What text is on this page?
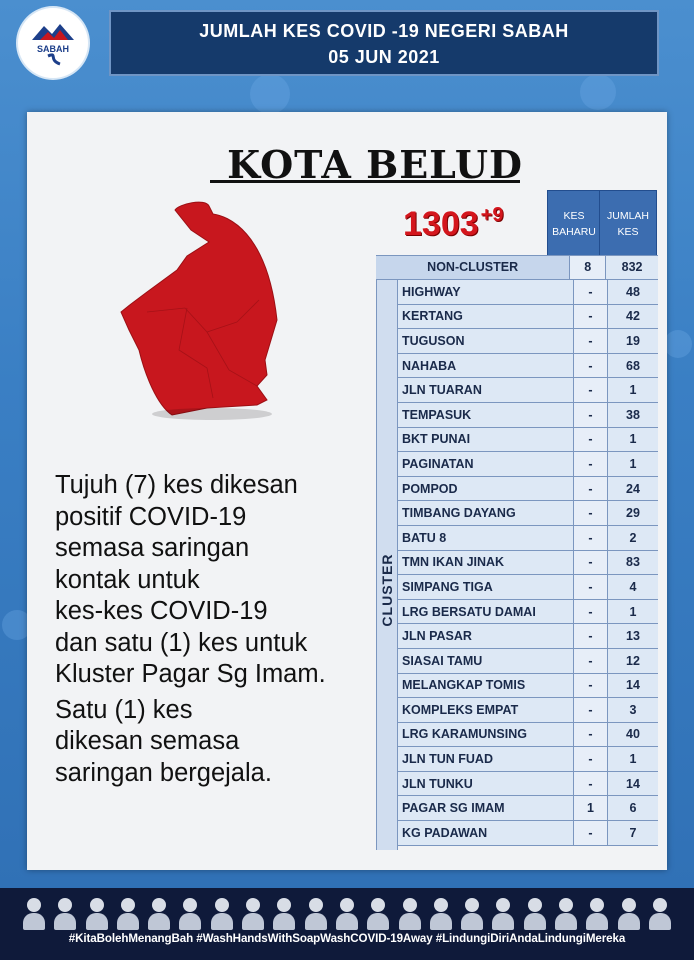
SABAH
JUMLAH KES COVID -19 NEGERI SABAH
05 JUN 2021
KOTA BELUD
1303 $^{+9}$
Tujuh (7) kes dikesan
positif COVID-19
semasa saringan
kontak untuk
kes-kes COVID-19
dan satu (1) kes untuk
Kluster Pagar Sg Imam.
Satu (1) kes
dikesan semasa
saringan bergejala.
KES BAHARU
JUMLAH KES
NON-CLUSTER	8	832
CLUSTER
HIGHWAY	-	48
KERTANG	-	42
TUGUSON	-	19
NAHABA	-	68
JLN TUARAN	-	1
TEMPASUK	-	38
BKT PUNAI	-	1
PAGINATAN	-	1
POMPOD	-	24
TIMBANG DAYANG	-	29
BATU 8	-	2
TMN IKAN JINAK	-	83
SIMPANG TIGA	-	4
LRG BERSATU DAMAI	-	1
JLN PASAR	-	13
SIASAI TAMU	-	12
MELANGKAP TOMIS	-	14
KOMPLEKS EMPAT	-	3
LRG KARAMUNSING	-	40
JLN TUN FUAD	-	1
JLN TUNKU	-	14
PAGAR SG IMAM	1	6
KG PADAWAN	-	7
#KitaBolehMenangBah #WashHandsWithSoapWashCOVID-19Away #LindungiDiriAndaLindungiMereka
